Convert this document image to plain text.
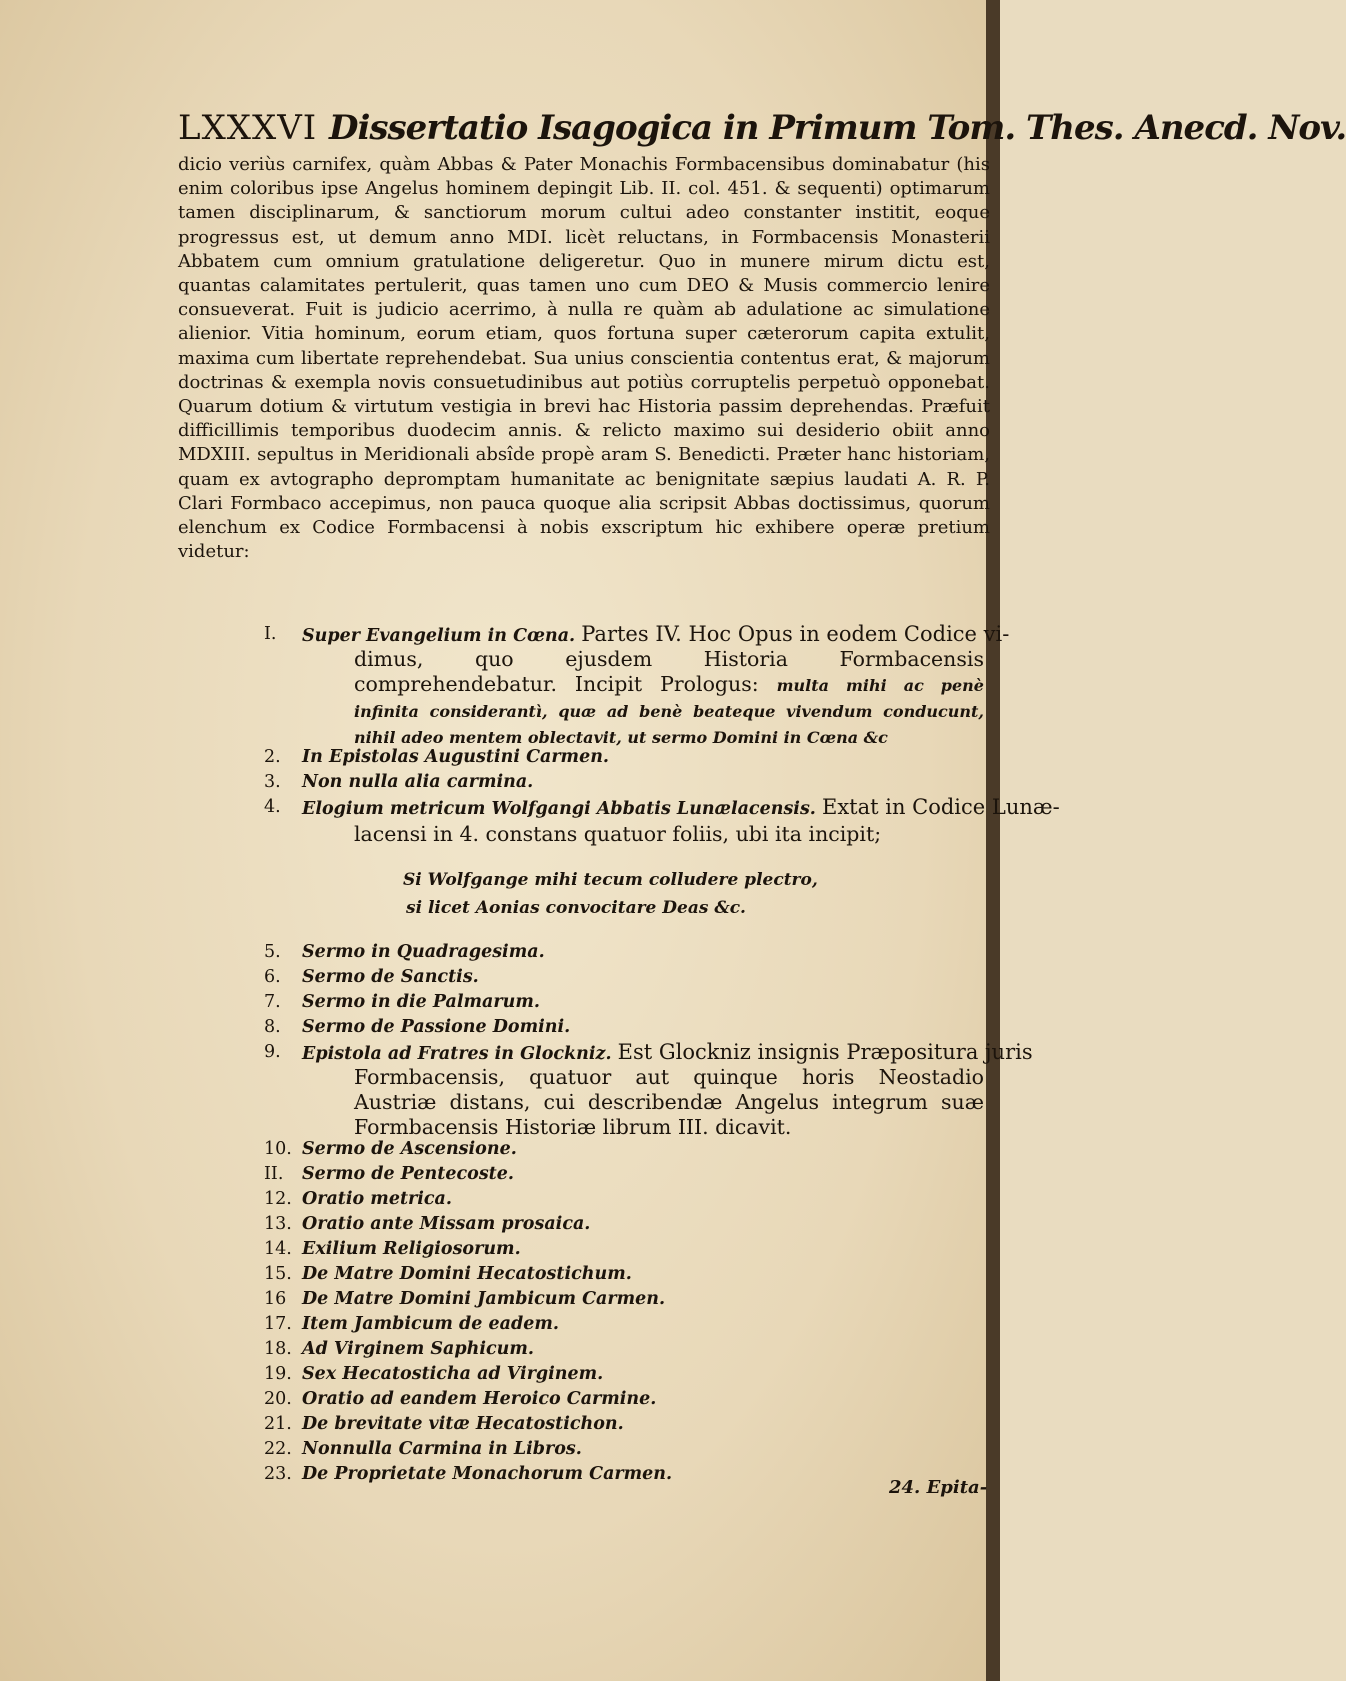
LXXXVI Dissertatio Isagogica in Primum Tom. Thes. Anecd. Nov.

dicio veriùs carnifex, quàm Abbas & Pater Monachis Formbacensibus dominabatur (his enim coloribus ipse Angelus hominem depingit Lib. II. col. 451. & sequenti) optimarum tamen disciplinarum, & sanctiorum morum cultui adeo constanter institit, eoque progressus est, ut demum anno MDI. licèt reluctans, in Formbacensis Monasterii Abbatem cum omnium gratulatione deligeretur. Quo in munere mirum dictu est, quantas calamitates pertulerit, quas tamen uno cum DEO & Musis commercio lenire consueverat. Fuit is judicio acerrimo, à nulla re quàm ab adulatione ac simulatione alienior. Vitia hominum, eorum etiam, quos fortuna super cæterorum capita extulit, maxima cum libertate reprehendebat. Sua unius conscientia contentus erat, & majorum doctrinas & exempla novis consuetudinibus aut potiùs corruptelis perpetuò opponebat. Quarum dotium & virtutum vestigia in brevi hac Historia passim deprehendas. Præfuit difficillimis temporibus duodecim annis. & relicto maximo sui desiderio obiit anno MDXIII. sepultus in Meridionali absîde propè aram S. Benedicti. Præter hanc historiam, quam ex avtographo depromptam humanitate ac benignitate sæpius laudati A. R. P. Clari Formbaco accepimus, non pauca quoque alia scripsit Abbas doctissimus, quorum elenchum ex Codice Formbacensi à nobis exscriptum hic exhibere operæ pretium videtur:

I. Super Evangelium in Cœna. Partes IV. Hoc Opus in eodem Codice vi-
dimus, quo ejusdem Historia Formbacensis comprehendebatur. Incipit Prologus: multa mihi ac penè infinita considerantì, quæ ad benè beateque vivendum conducunt, nihil adeo mentem oblectavit, ut sermo Domini in Cœna &c
2. In Epistolas Augustini Carmen.
3. Non nulla alia carmina.
4. Elogium metricum Wolfgangi Abbatis Lunælacensis. Extat in Codice Lunæ-
lacensi in 4. constans quatuor foliis, ubi ita incipit;
Si Wolfgange mihi tecum colludere plectro,
si licet Aonias convocitare Deas &c.
5. Sermo in Quadragesima.
6. Sermo de Sanctis.
7. Sermo in die Palmarum.
8. Sermo de Passione Domini.
9. Epistola ad Fratres in Glockniz. Est Glockniz insignis Præpositura juris
Formbacensis, quatuor aut quinque horis Neostadio Austriæ distans, cui describendæ Angelus integrum suæ Formbacensis Historiæ librum III. dicavit.
10. Sermo de Ascensione.
II. Sermo de Pentecoste.
12. Oratio metrica.
13. Oratio ante Missam prosaica.
14. Exilium Religiosorum.
15. De Matre Domini Hecatostichum.
16 De Matre Domini Jambicum Carmen.
17. Item Jambicum de eadem.
18. Ad Virginem Saphicum.
19. Sex Hecatosticha ad Virginem.
20. Oratio ad eandem Heroico Carmine.
21. De brevitate vitæ Hecatostichon.
22. Nonnulla Carmina in Libros.
23. De Proprietate Monachorum Carmen.
24. Epita-
